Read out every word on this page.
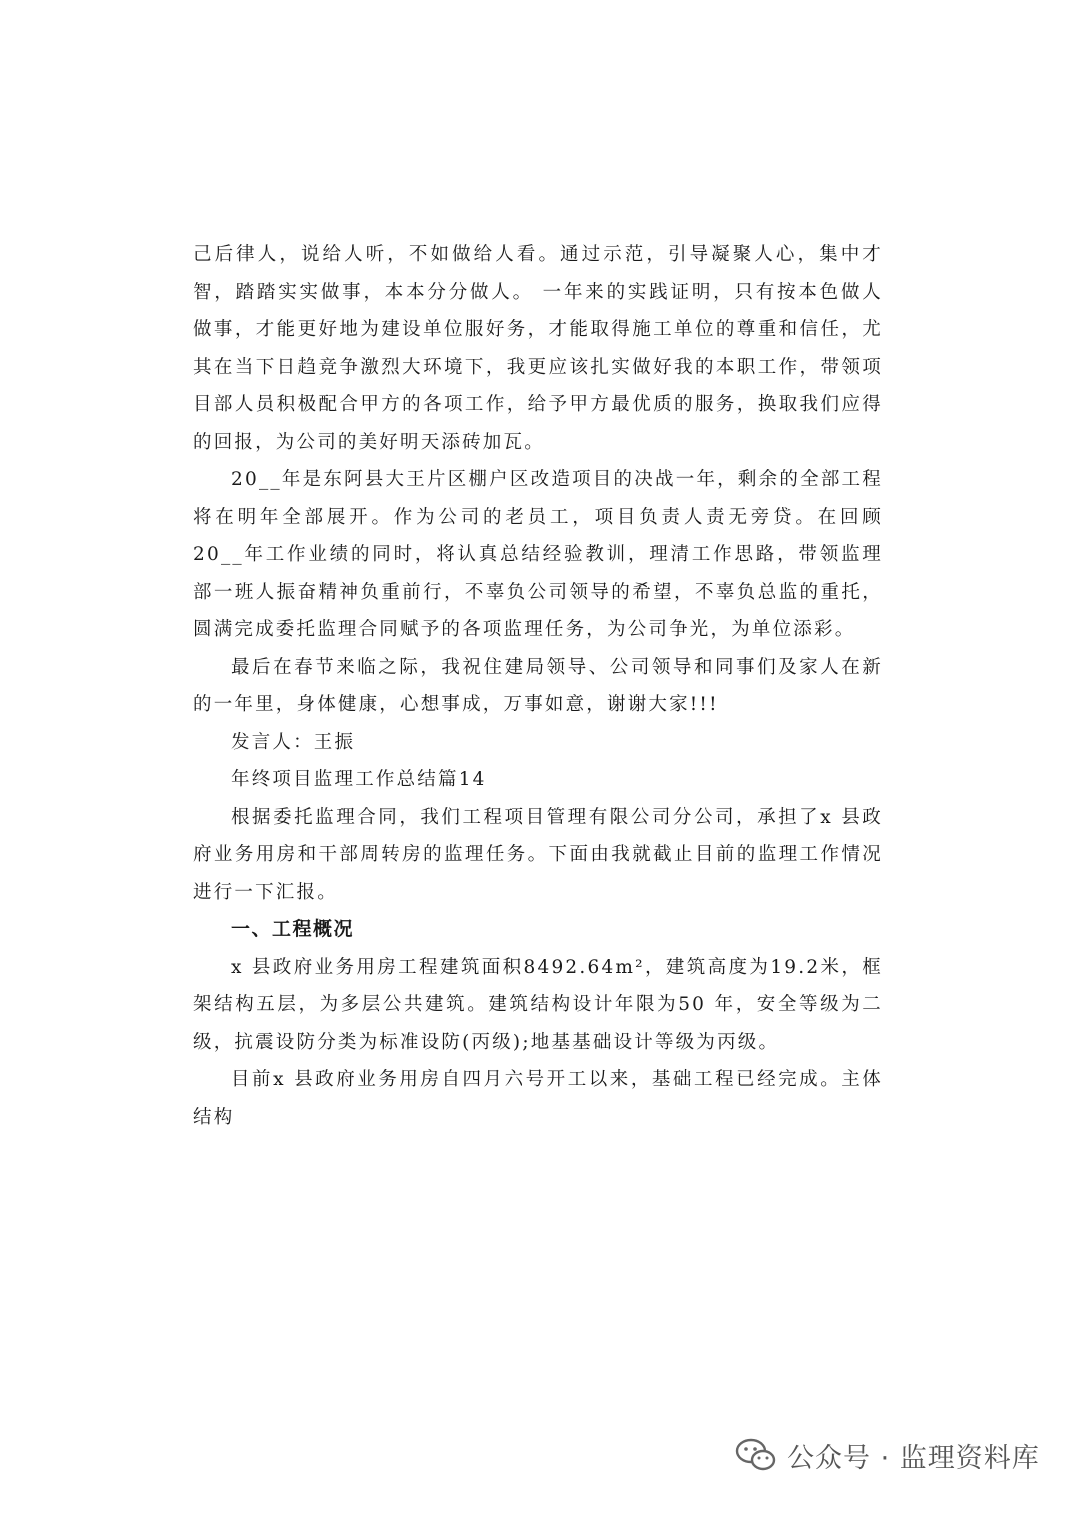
己后律人，说给人听，不如做给人看。通过示范，引导凝聚人心，集中才智，踏踏实实做事，本本分分做人。 一年来的实践证明，只有按本色做人做事，才能更好地为建设单位服好务，才能取得施工单位的尊重和信任，尤其在当下日趋竞争激烈大环境下，我更应该扎实做好我的本职工作，带领项目部人员积极配合甲方的各项工作，给予甲方最优质的服务，换取我们应得的回报，为公司的美好明天添砖加瓦。

20__年是东阿县大王片区棚户区改造项目的决战一年，剩余的全部工程将在明年全部展开。作为公司的老员工，项目负责人责无旁贷。在回顾20__年工作业绩的同时，将认真总结经验教训，理清工作思路，带领监理部一班人振奋精神负重前行，不辜负公司领导的希望，不辜负总监的重托，圆满完成委托监理合同赋予的各项监理任务，为公司争光，为单位添彩。

最后在春节来临之际，我祝住建局领导、公司领导和同事们及家人在新的一年里，身体健康，心想事成，万事如意，谢谢大家!!!

发言人：王振

年终项目监理工作总结篇14

根据委托监理合同，我们工程项目管理有限公司分公司，承担了x 县政府业务用房和干部周转房的监理任务。下面由我就截止目前的监理工作情况进行一下汇报。

一、工程概况

x 县政府业务用房工程建筑面积8492.64m²，建筑高度为19.2米，框架结构五层，为多层公共建筑。建筑结构设计年限为50 年，安全等级为二级，抗震设防分类为标准设防(丙级);地基基础设计等级为丙级。

目前x 县政府业务用房自四月六号开工以来，基础工程已经完成。主体结构

公众号 · 监理资料库
